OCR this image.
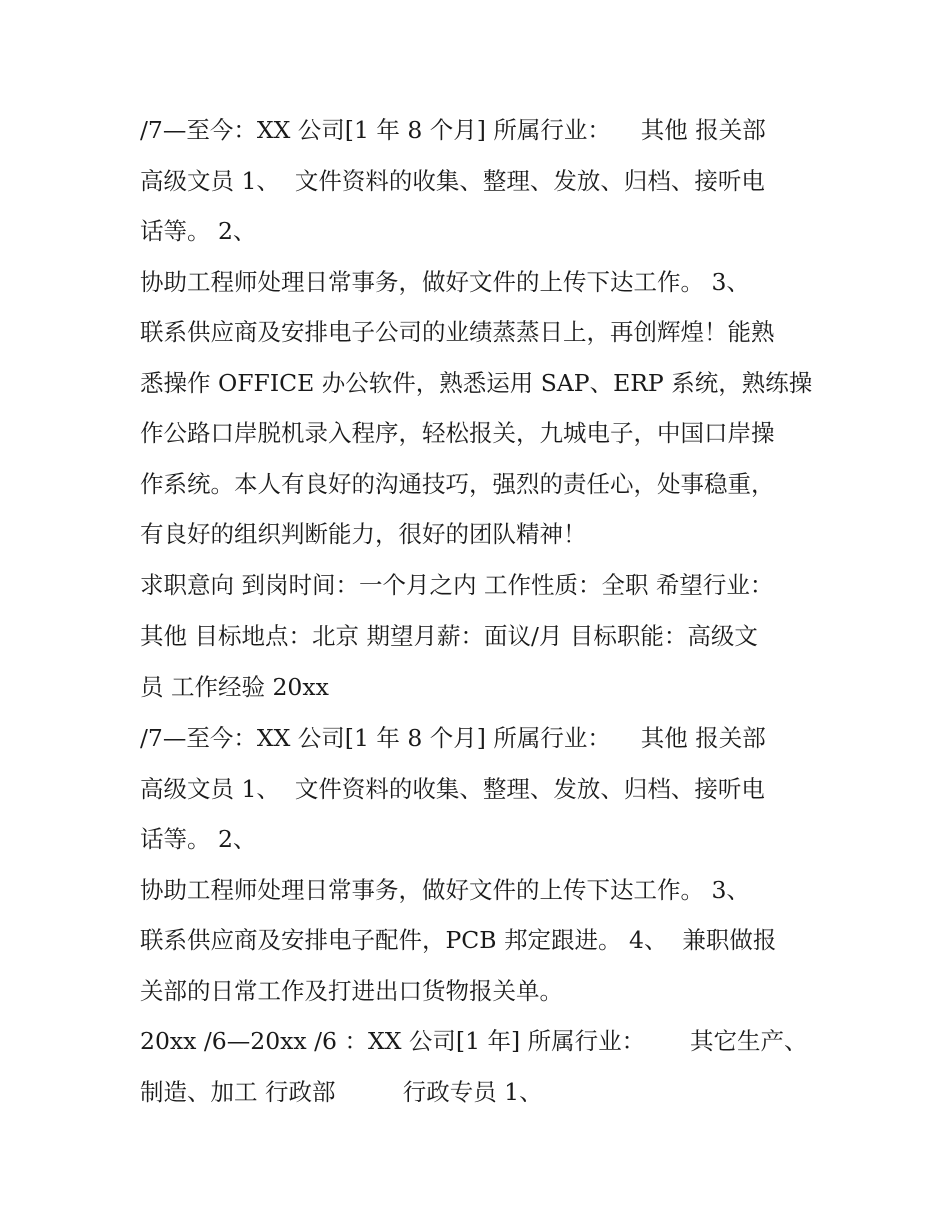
/7—至今：XX 公司[1 年 8 个月] 所属行业：    其他 报关部
高级文员 1、  文件资料的收集、整理、发放、归档、接听电
话等。 2、
协助工程师处理日常事务，做好文件的上传下达工作。 3、
联系供应商及安排电子公司的业绩蒸蒸日上，再创辉煌！能熟
悉操作 OFFICE 办公软件，熟悉运用 SAP、ERP 系统，熟练操
作公路口岸脱机录入程序，轻松报关，九城电子，中国口岸操
作系统。本人有良好的沟通技巧，强烈的责任心，处事稳重，
有良好的组织判断能力，很好的团队精神！
求职意向 到岗时间：一个月之内 工作性质：全职 希望行业：
其他 目标地点：北京 期望月薪：面议/月 目标职能：高级文
员 工作经验 20xx
/7—至今：XX 公司[1 年 8 个月] 所属行业：    其他 报关部
高级文员 1、  文件资料的收集、整理、发放、归档、接听电
话等。 2、
协助工程师处理日常事务，做好文件的上传下达工作。 3、
联系供应商及安排电子配件，PCB 邦定跟进。 4、  兼职做报
关部的日常工作及打进出口货物报关单。
20xx /6—20xx /6 ：XX 公司[1 年] 所属行业：      其它生产、
制造、加工 行政部         行政专员 1、
